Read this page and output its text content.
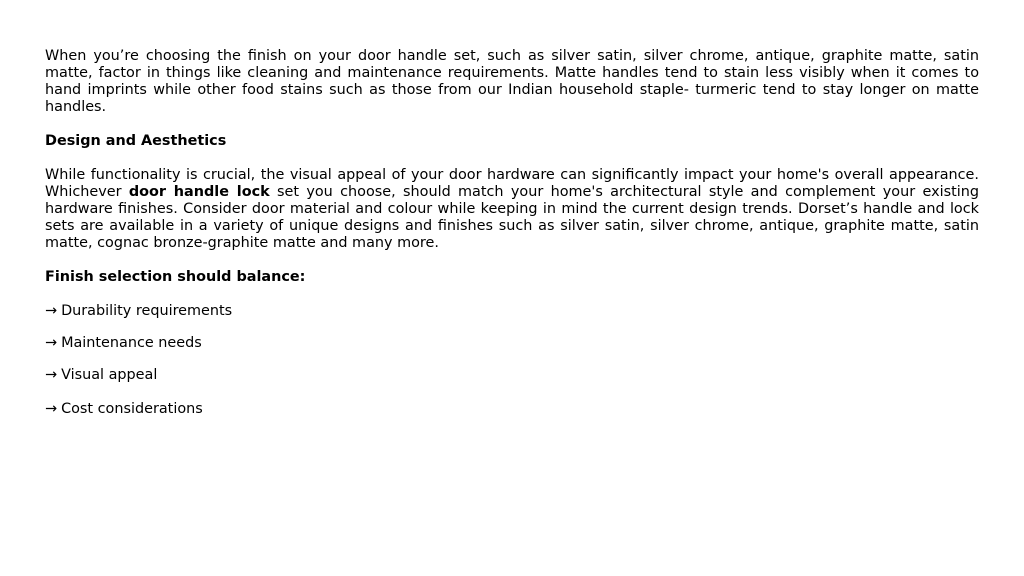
When you’re choosing the finish on your door handle set, such as silver satin, silver chrome, antique, graphite matte, satin matte, factor in things like cleaning and maintenance requirements. Matte handles tend to stain less visibly when it comes to hand imprints while other food stains such as those from our Indian household staple- turmeric tend to stay longer on matte handles.

Design and Aesthetics

While functionality is crucial, the visual appeal of your door hardware can significantly impact your home's overall appearance. Whichever door handle lock set you choose, should match your home's architectural style and complement your existing hardware finishes. Consider door material and colour while keeping in mind the current design trends. Dorset’s handle and lock sets are available in a variety of unique designs and finishes such as silver satin, silver chrome, antique, graphite matte, satin matte, cognac bronze-graphite matte and many more.

Finish selection should balance:

→ Durability requirements

→ Maintenance needs

→ Visual appeal

→ Cost considerations
